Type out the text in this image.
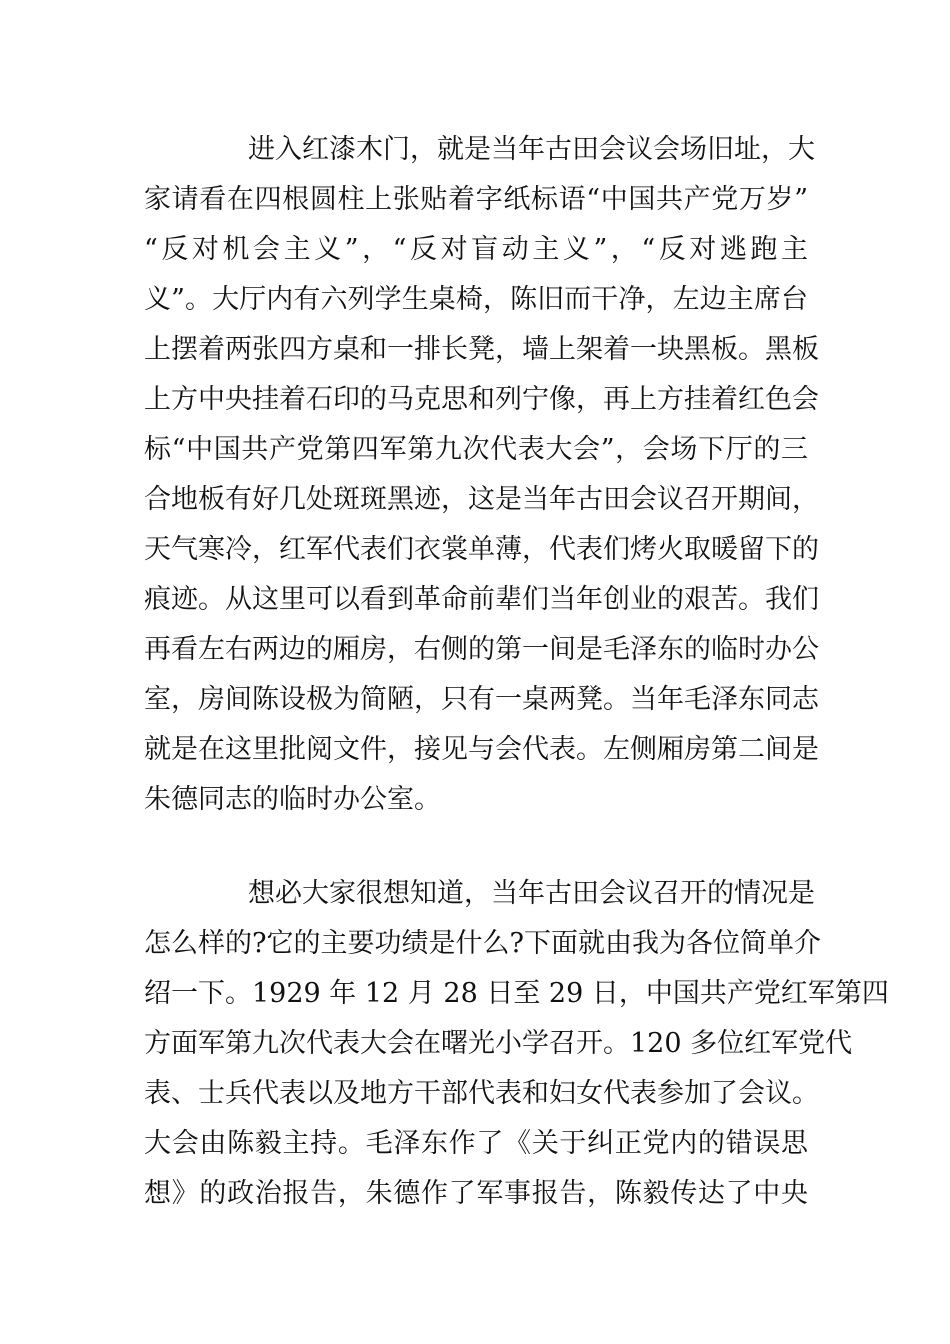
进入红漆木门，就是当年古田会议会场旧址，大
家请看在四根圆柱上张贴着字纸标语“中国共产党万岁”
“反对机会主义”，“反对盲动主义”，“反对逃跑主
义”。大厅内有六列学生桌椅，陈旧而干净，左边主席台
上摆着两张四方桌和一排长凳，墙上架着一块黑板。黑板
上方中央挂着石印的马克思和列宁像，再上方挂着红色会
标“中国共产党第四军第九次代表大会”，会场下厅的三
合地板有好几处斑斑黑迹，这是当年古田会议召开期间，
天气寒冷，红军代表们衣裳单薄，代表们烤火取暖留下的
痕迹。从这里可以看到革命前辈们当年创业的艰苦。我们
再看左右两边的厢房，右侧的第一间是毛泽东的临时办公
室，房间陈设极为简陋，只有一桌两凳。当年毛泽东同志
就是在这里批阅文件，接见与会代表。左侧厢房第二间是
朱德同志的临时办公室。
想必大家很想知道，当年古田会议召开的情况是
怎么样的?它的主要功绩是什么?下面就由我为各位简单介
绍一下。1929 年 12 月 28 日至 29 日，中国共产党红军第四
方面军第九次代表大会在曙光小学召开。120 多位红军党代
表、士兵代表以及地方干部代表和妇女代表参加了会议。
大会由陈毅主持。毛泽东作了《关于纠正党内的错误思
想》的政治报告，朱德作了军事报告，陈毅传达了中央
